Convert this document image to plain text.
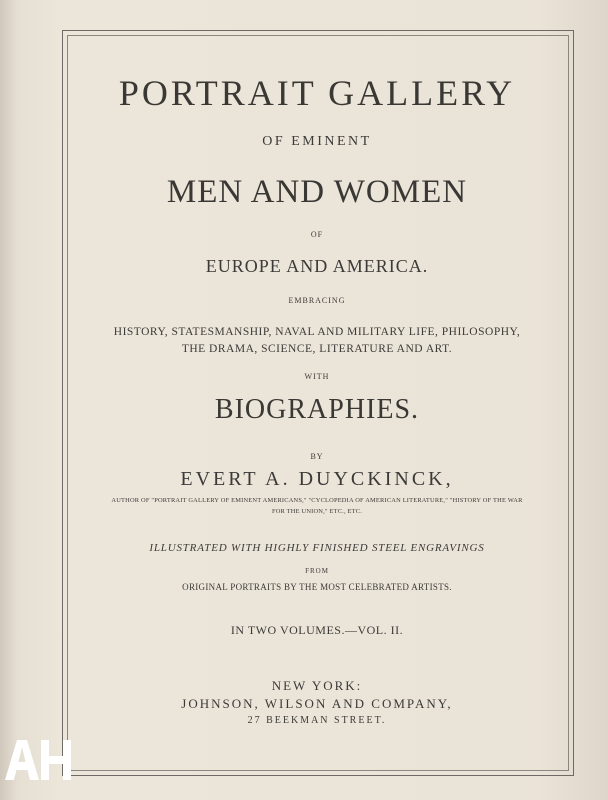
PORTRAIT GALLERY
OF EMINENT
MEN AND WOMEN
OF
EUROPE AND AMERICA.
EMBRACING
HISTORY, STATESMANSHIP, NAVAL AND MILITARY LIFE, PHILOSOPHY,
THE DRAMA, SCIENCE, LITERATURE AND ART.
WITH
BIOGRAPHIES.
BY
EVERT A. DUYCKINCK,
AUTHOR OF "PORTRAIT GALLERY OF EMINENT AMERICANS," "CYCLOPEDIA OF AMERICAN LITERATURE," "HISTORY OF THE WAR
FOR THE UNION," ETC., ETC.
ILLUSTRATED WITH HIGHLY FINISHED STEEL ENGRAVINGS
FROM
ORIGINAL PORTRAITS BY THE MOST CELEBRATED ARTISTS.
IN TWO VOLUMES.—VOL. II.
NEW YORK:
JOHNSON, WILSON AND COMPANY,
27 BEEKMAN STREET.
